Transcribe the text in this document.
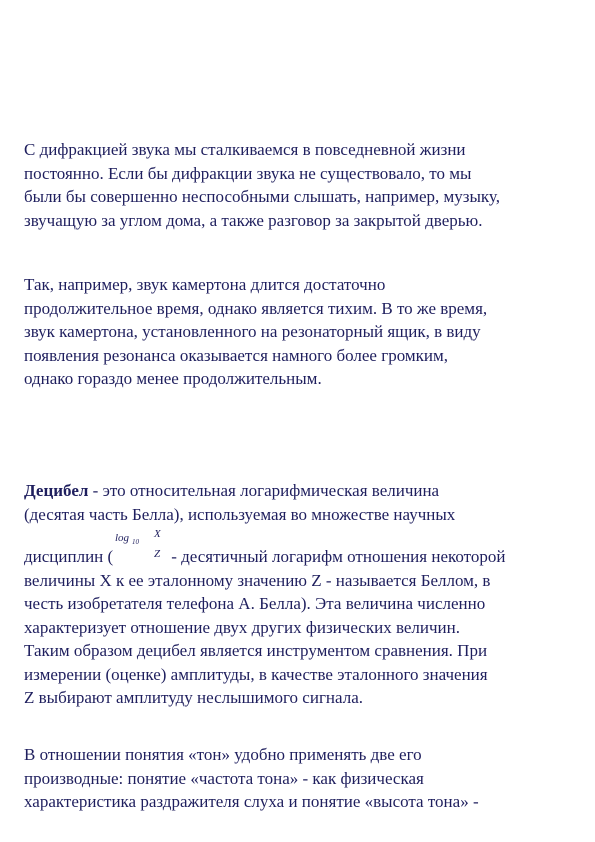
С дифракцией звука мы сталкиваемся в повседневной жизни
постоянно. Если бы дифракции звука не существовало, то мы
были бы совершенно неспособными слышать, например, музыку,
звучащую за углом дома, а также разговор за закрытой дверью.

Так, например, звук камертона длится достаточно
продолжительное время, однако является тихим. В то же время,
звук камертона, установленного на резонаторный ящик, в виду
появления резонанса оказывается намного более громким,
однако гораздо менее продолжительным.

Децибел - это относительная логарифмическая величина
(десятая часть Белла), используемая во множестве научных
дисциплин (
log 10
X
Z - десятичный логарифм отношения некоторой
величины X к ее эталонному значению Z - называется Беллом, в
честь изобретателя телефона А. Белла). Эта величина численно
характеризует отношение двух других физических величин.
Таким образом децибел является инструментом сравнения. При
измерении (оценке) амплитуды, в качестве эталонного значения
Z выбирают амплитуду неслышимого сигнала.

В отношении понятия «тон» удобно применять две его
производные: понятие «частота тона» - как физическая
характеристика раздражителя слуха и понятие «высота тона» -
